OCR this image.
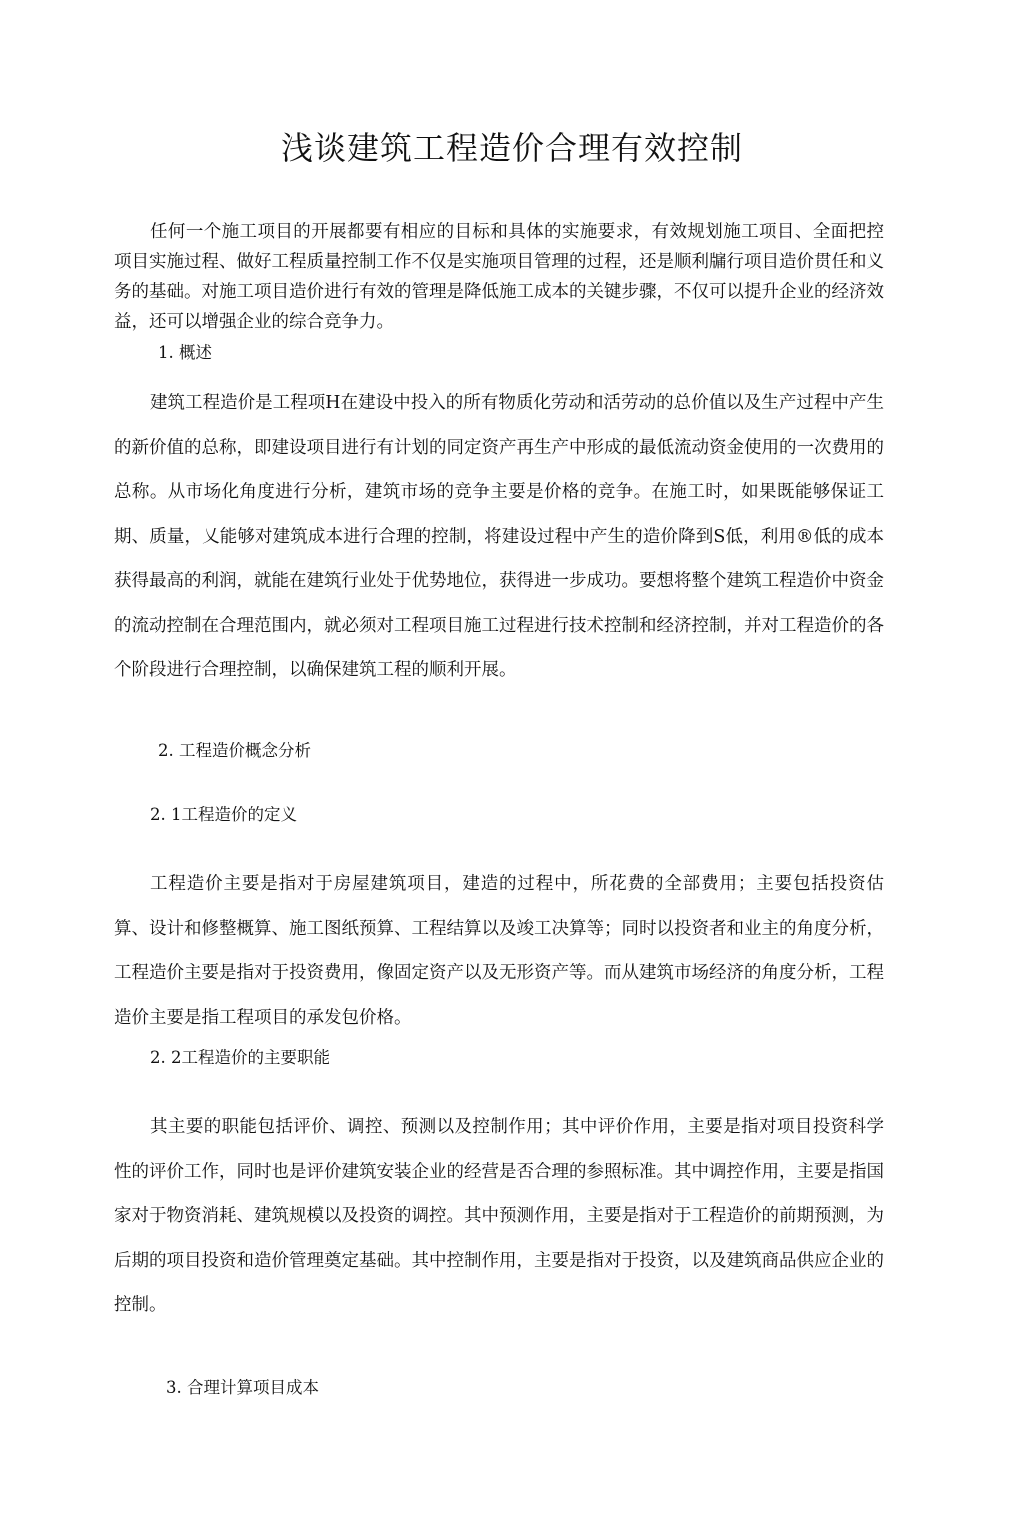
浅谈建筑工程造价合理有效控制

任何一个施工项目的开展都要有相应的目标和具体的实施要求，有效规划施工项目、全面把控项目实施过程、做好工程质量控制工作不仅是实施项目管理的过程，还是顺利牖行项目造价贯任和义务的基础。对施工项目造价进行有效的管理是降低施工成本的关键步骤，不仅可以提升企业的经济效益，还可以增强企业的综合竞争力。

1. 概述

建筑工程造价是工程项H在建设中投入的所有物质化劳动和活劳动的总价值以及生产过程中产生的新价值的总称，即建设项目进行有计划的同定资产再生产中形成的最低流动资金使用的一次费用的总称。从市场化角度进行分析，建筑市场的竞争主要是价格的竞争。在施工时，如果既能够保证工期、质量，乂能够对建筑成本进行合理的控制，将建设过程中产生的造价降到S低，利用®低的成本获得最高的利润，就能在建筑行业处于优势地位，获得进一步成功。要想将整个建筑工程造价中资金的流动控制在合理范围内，就必须对工程项目施工过程进行技术控制和经济控制，并对工程造价的各个阶段进行合理控制，以确保建筑工程的顺利开展。

2. 工程造价概念分析
2. 1工程造价的定义

工程造价主要是指对于房屋建筑项目，建造的过程中，所花费的全部费用；主要包括投资估算、设计和修整概算、施工图纸预算、工程结算以及竣工决算等；同时以投资者和业主的角度分析，工程造价主要是指对于投资费用，像固定资产以及无形资产等。而从建筑市场经济的角度分析，工程造价主要是指工程项目的承发包价格。

2. 2工程造价的主要职能

其主要的职能包括评价、调控、预测以及控制作用；其中评价作用，主要是指对项目投资科学性的评价工作，同时也是评价建筑安装企业的经营是否合理的参照标准。其中调控作用，主要是指国家对于物资消耗、建筑规模以及投资的调控。其中预测作用，主要是指对于工程造价的前期预测，为后期的项目投资和造价管理奠定基础。其中控制作用，主要是指对于投资，以及建筑商品供应企业的控制。

3. 合理计算项目成本
